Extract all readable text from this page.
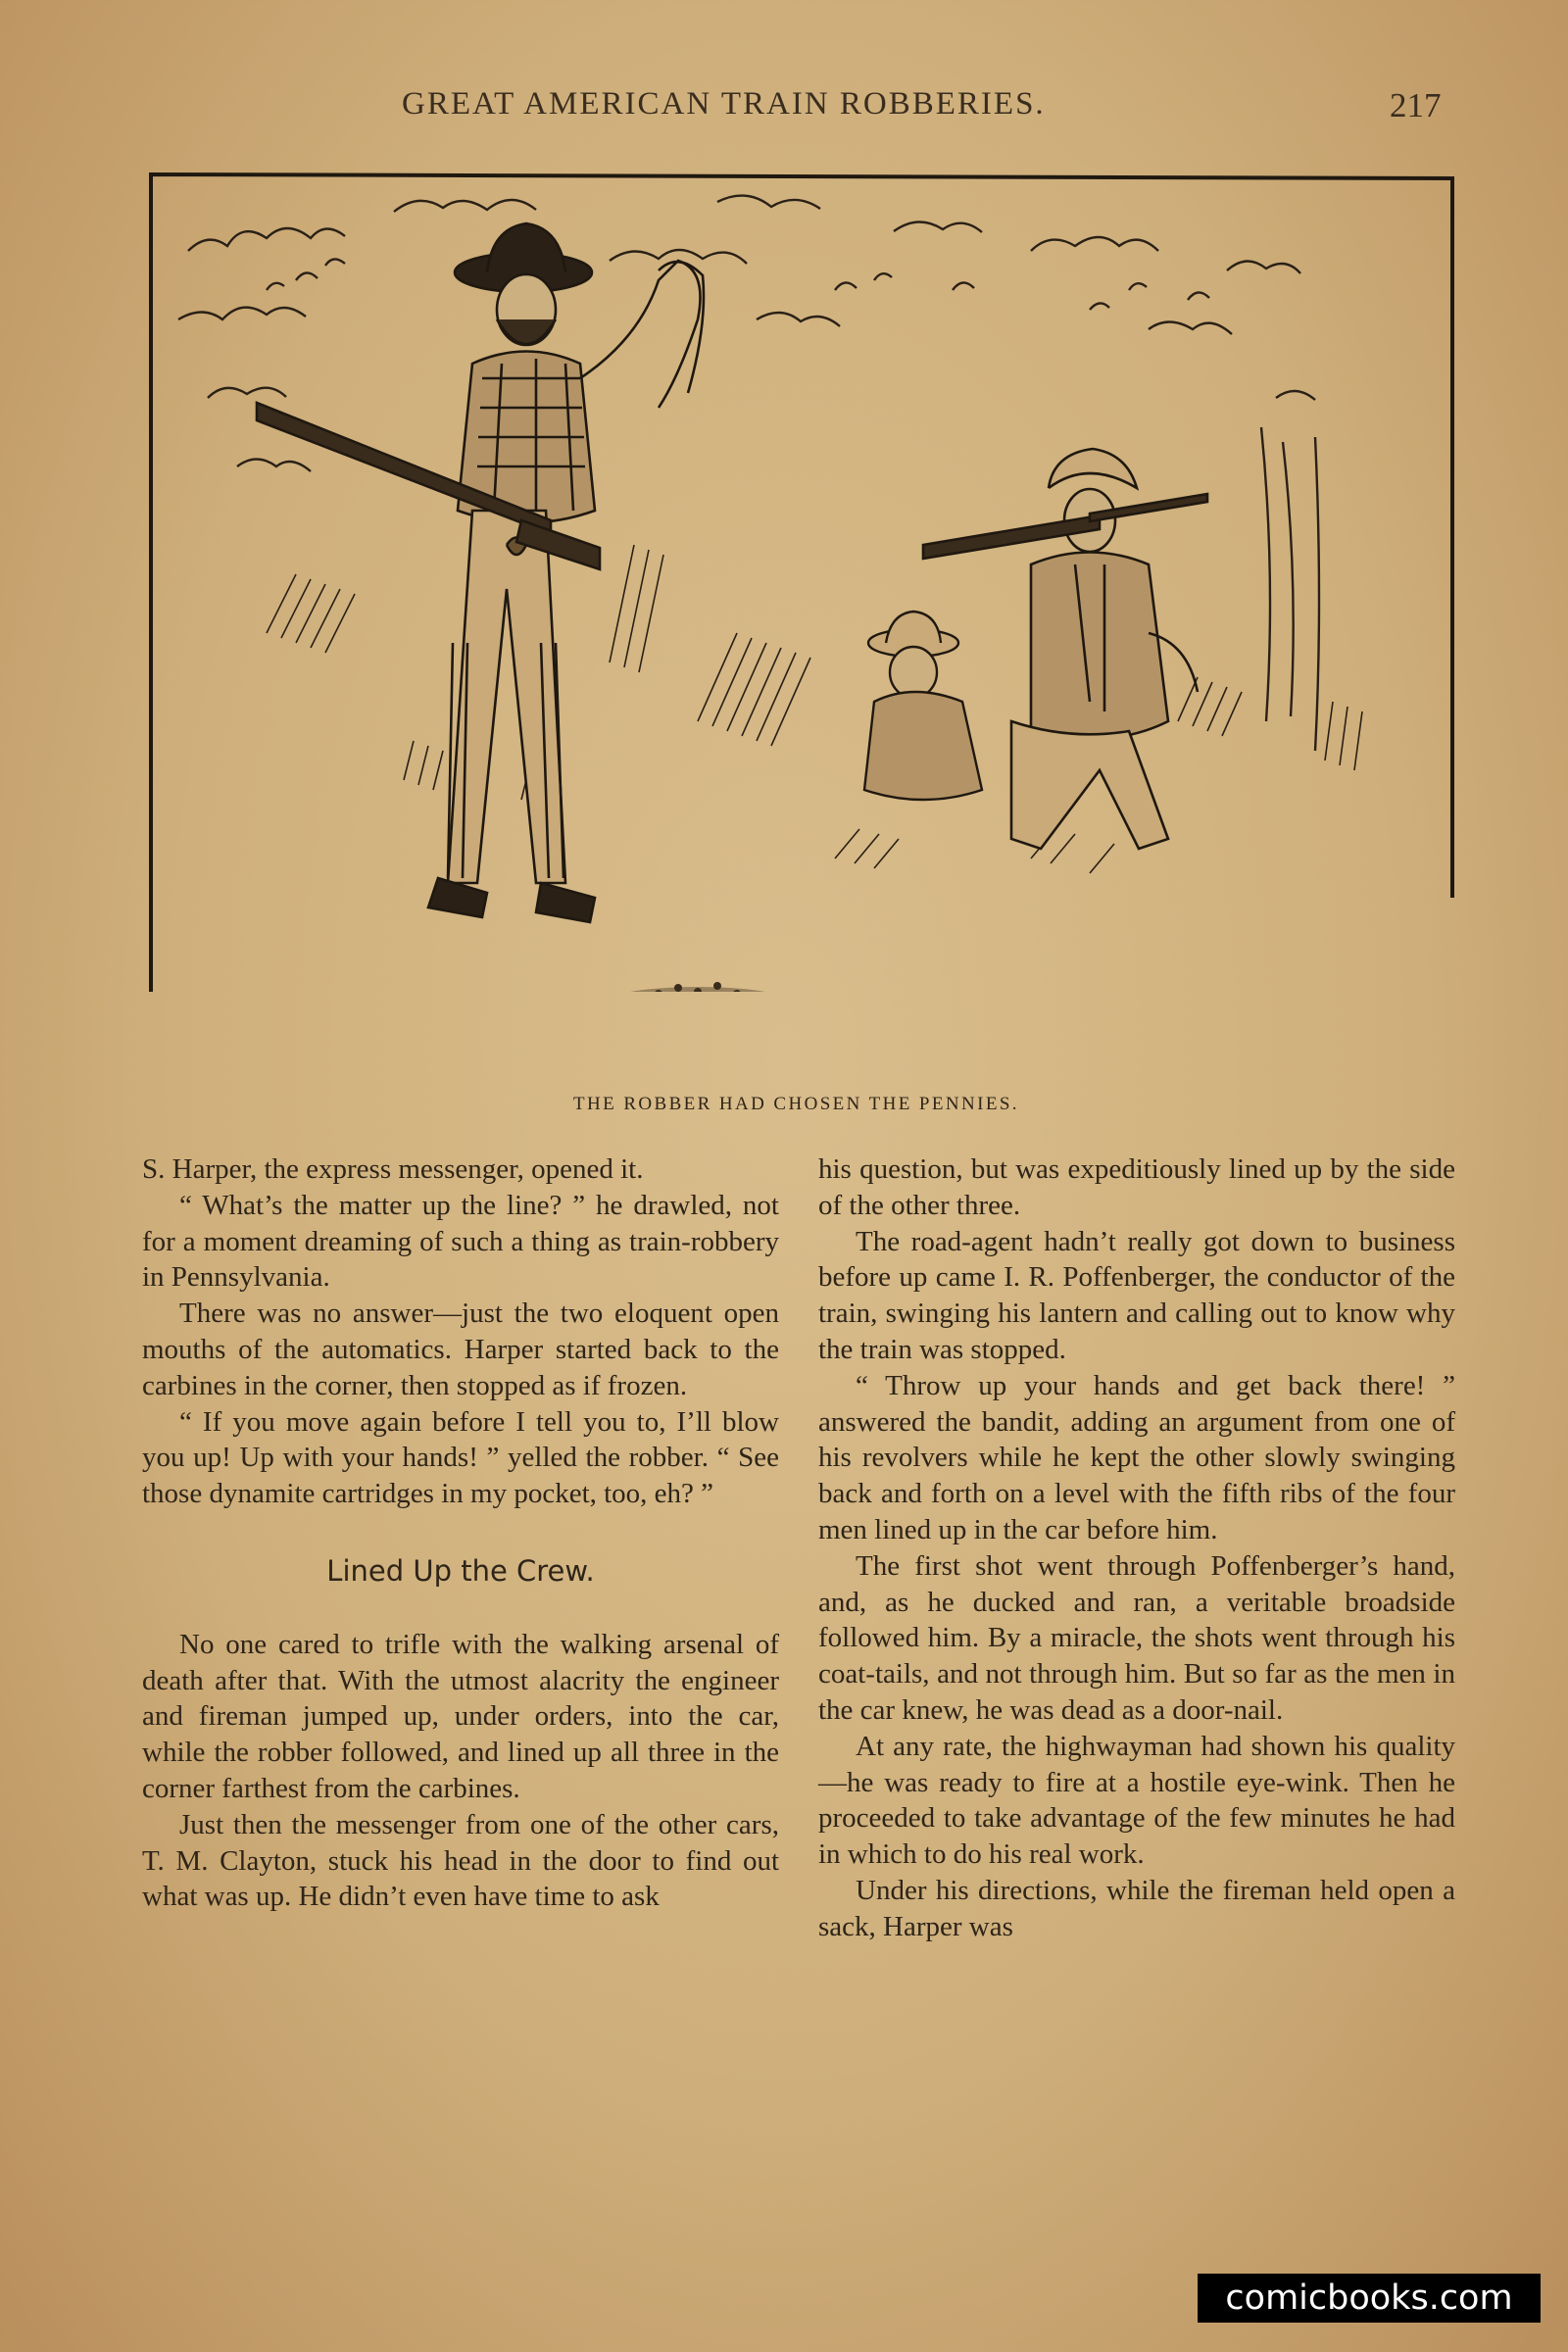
GREAT AMERICAN TRAIN ROBBERIES.	217
THE ROBBER HAD CHOSEN THE PENNIES.

S. Harper, the express messenger, opened it.

“ What’s the matter up the line? ” he drawled, not for a moment dreaming of such a thing as train-robbery in Pennsylvania.

There was no answer—just the two eloquent open mouths of the automatics. Harper started back to the carbines in the corner, then stopped as if frozen.

“ If you move again before I tell you to, I’ll blow you up! Up with your hands! ” yelled the robber. “ See those dynamite cartridges in my pocket, too, eh? ”

Lined Up the Crew.

No one cared to trifle with the walking arsenal of death after that. With the utmost alacrity the engineer and fireman jumped up, under orders, into the car, while the robber followed, and lined up all three in the corner farthest from the carbines.

Just then the messenger from one of the other cars, T. M. Clayton, stuck his head in the door to find out what was up. He didn’t even have time to ask

his question, but was expeditiously lined up by the side of the other three.

The road-agent hadn’t really got down to business before up came I. R. Poffenberger, the conductor of the train, swinging his lantern and calling out to know why the train was stopped.

“ Throw up your hands and get back there! ” answered the bandit, adding an argument from one of his revolvers while he kept the other slowly swinging back and forth on a level with the fifth ribs of the four men lined up in the car before him.

The first shot went through Poffenberger’s hand, and, as he ducked and ran, a veritable broadside followed him. By a miracle, the shots went through his coat-tails, and not through him. But so far as the men in the car knew, he was dead as a door-nail.

At any rate, the highwayman had shown his quality—he was ready to fire at a hostile eye-wink. Then he proceeded to take advantage of the few minutes he had in which to do his real work.

Under his directions, while the fireman held open a sack, Harper was

comicbooks.com
